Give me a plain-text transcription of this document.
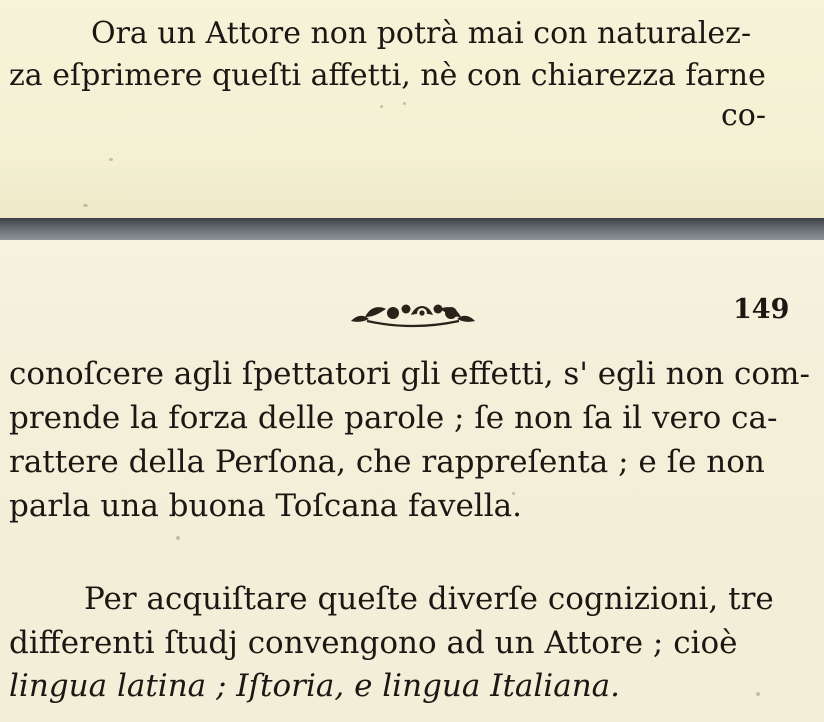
Ora un Attore non potrà mai con naturalez-
za eſprimere queſti affetti, nè con chiarezza farne
co-
149
conoſcere agli ſpettatori gli effetti, s' egli non com-
prende la forza delle parole ; ſe non ſa il vero ca-
rattere della Perſona, che rappreſenta ; e ſe non
parla una buona Toſcana favella.
Per acquiſtare queſte diverſe cognizioni, tre
differenti ſtudj convengono ad un Attore ; cioè
lingua latina ; Iſtoria, e lingua Italiana.
